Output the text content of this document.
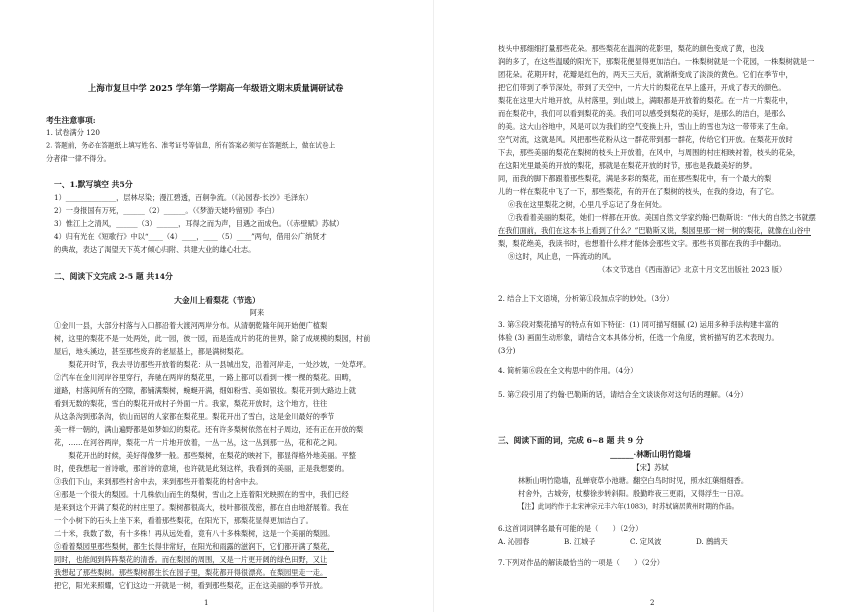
上海市复旦中学 2025 学年第一学期高一年级语文期末质量调研试卷
考生注意事项:
1. 试卷满分 120
2. 答题前，务必在答题纸上填写姓名、准考证号等信息，所有答案必须写在答题纸上，做在试卷上
分者律一律不得分。
一、1.默写填空 共5分
1）______________，层林尽染；漫江碧透，百舸争流。（《沁园春·长沙》毛泽东）
2）一身报国有万死，______（2）______。（《梦游天姥吟留别》李白）
3）惟江上之清风，______（3）______，耳得之而为声，目遇之而成色。（《赤壁赋》苏轼）
4）归有光在《短歌行》中以“____（4）____，____（5）____”两句，借用公广纳贤才
的典故，表达了渴望天下英才倾心归附、共建大业的雄心壮志。
二、阅读下文完成 2-5 题 共14分
大金川上看梨花（节选）
阿来
①金川一县，大部分村落与入口都沿着大渡河两岸分布。从清朝乾隆年间开始便广植梨
树，这里的梨花不是一处两处，此一园，彼一园，而是连成片的花的世界，除了成规模的梨园，村前
屋后，地头溪边，甚至那些废弃的老屋基上，都是满树梨花。
　　梨花开时节，我去寻访那些开放着的梨花：从一县城出发，沿着河岸走，一处沙坡，一处草坪。
②汽车在金川河岸谷里穿行，奔驰在两岸的梨花里，一路上都可以看到一棵一棵的梨花。田畴，
道路，村落间所有的空隙，都铺满梨树，蜿蜒开满，细如粉雪、美如银妆。梨花开到大路边上就
看到无数的梨花，雪白的梨花开成村子外面一片。我家，梨花开放时，这个地方，往往
从这条沟到那条沟，依山而居的人家都在梨花里。梨花开出了雪白，这是金川最好的季节
美一样一朝的，满山遍野都是如梦如幻的梨花。还有许多梨树依然在村子周边，还有正在开放的梨
花，……在河谷两岸，梨花一片一片地开放着，一丛一丛，这一丛到那一丛，花和花之间。
　　梨花开出的时候，美好得像梦一般。那些梨树，在梨花的映衬下，都显得格外地美丽。平整
时，使我想起一首诗歌，那首诗的意境，也许就是此刻这样，我看到的美丽，正是我想要的。
③我们下山，来到那些村舍中去，来到那些开着梨花的村舍中去。
④那是一个很大的梨园。十几株依山而生的梨树，雪山之上连着阳光映照在的雪中，我们已经
是来到这个开满了梨花的村庄里了。梨树都很高大，枝叶都很茂密，都在自由地舒展着。我在
一个小树下的石头上坐下来，看着那些梨花，在阳光下，那梨花显得更加洁白了。
二十米，我数了数，有十多株！再从远处看，竟有八十多株梨树，这是一个美丽的梨园。
⑤看着梨园里那些梨树，都生长得非常好，在阳光和雨露的滋润下，它们都开满了梨花，
同时，也能闻到阵阵梨花的清香。而在梨园的周围，又是一片更开阔的绿色田野，又让
我想起了那些梨树。那些梨树都生长在园子里，梨花都开得很漂亮。在梨园里走一走。
把它，阳光来照耀，它们这边一开就是一树，看到那些梨花，正在这美丽的季节开放。
1
枝头中那细细打量那些花朵。那些梨花在温润的花影里，梨花的颜色变成了黄，也浅
润的多了，在这些温暖的阳光下，那梨花便显得更加洁白。一株梨树就是一个花园，一株梨树就是一
团花朵。花期开时，花瓣是红色的，两天三天后，就渐渐变成了淡淡的黄色。它们在季节中，
把它们带到了季节深处，带到了天空中，一片大片的梨花在早上盛开，开成了春天的颜色。
梨花在这里大片地开放，从村落里，到山坡上，满眼都是开放着的梨花。在一片一片梨花中，
而在梨花中，我们可以看到梨花的美。我们可以感受到梨花的美好，是那么的洁白，是那么
的美。这大山谷地中，风是可以为我们的空气变换上升，雪山上的雪也为这一带带来了生命。
空气对流，这就是风。风把那些花粉从这一群花带到那一群花，传给它们开放。在梨花开放时
下去，那些美丽的梨花在梨树的枝头上开放着，在风中，与周围的村庄相映衬着，枝头的花朵，
在这阳光里最美的开放的梨花，那就是在梨花开放的时节，那也是我最美好的梦。
同，而我的脚下都跟着那些梨花，满是多彩的梨花，而在那些梨花中，有一个最大的梨
儿的一样在梨花中飞了一下，那些梨花，有的开在了梨树的枝头，在我的身边，有了它。
⑥我在这里梨花之树，心里几乎忘记了身在何处。
⑦我看着美丽的梨花，她们一样都在开放。美国自然文学家约翰·巴勒斯说：“伟大的自然之书就摆
在我们面前，我们在这本书上看到了什么？”巴勒斯又说，梨园里那一树一树的梨花，就像在山谷中
梨，梨花绝美，我读书时，也想着什么样才能体会那些文字。那些书页都在我的手中翻动。
⑧这时，风止息，一阵流动的风。
（本文节选自《西南游记》北京十月文艺出版社 2023 版）
2. 结合上下文语境，分析第①段加点字的妙处。（3分）
3. 第⑤段对梨花描写的特点有如下特征：(1) 同可描写细腻 (2) 运用多种手法构建丰富的
体验 (3) 画面生动形象，请结合文本具体分析，任选一个角度，赏析描写的艺术表现力。
(3分)
4. 简析第⑥段在全文构思中的作用。（4分）
5. 第⑦段引用了约翰·巴勒斯的话，请结合全文谈谈你对这句话的理解。（4分）
三、阅读下面的词，完成 6~8 题 共 9 分
______·林断山明竹隐墙
【宋】苏轼
林断山明竹隐墙，乱蝉衰草小池塘。翻空白鸟时时见，照水红蕖细细香。
村舍外，古城旁，杖藜徐步转斜阳。殷勤昨夜三更雨，又得浮生一日凉。
【注】此词约作于北宋神宗元丰六年(1083)，时苏轼谪居黄州时期的作品。
6.这首词词牌名最有可能的是（　　）（2分）
A. 沁园春	B. 江城子	C. 定风波	D. 鹧鸪天
7.下列对作品的解读最恰当的一项是（　　）（2分）
2
